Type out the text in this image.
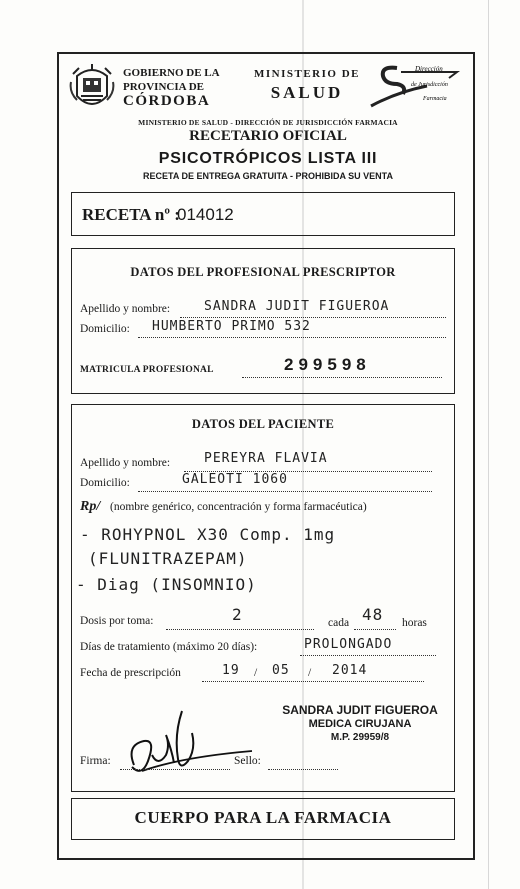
GOBIERNO DE LA
PROVINCIA DE
CÓRDOBA
MINISTERIO DE
SALUD
Dirección
de Jurisdicción
Farmacia
MINISTERIO DE SALUD - DIRECCIÓN DE JURISDICCIÓN FARMACIA
RECETARIO OFICIAL
PSICOTRÓPICOS LISTA III
RECETA DE ENTREGA GRATUITA - PROHIBIDA SU VENTA
RECETA nº :
014012
DATOS DEL PROFESIONAL PRESCRIPTOR
Apellido y nombre:	SANDRA JUDIT FIGUEROA
Domicilio: HUMBERTO PRIMO 532
MATRICULA PROFESIONAL	299598
DATOS DEL PACIENTE
Apellido y nombre:	PEREYRA FLAVIA
Domicilio:	GALEOTI 1060
Rp/ (nombre genérico, concentración y forma farmacéutica)
- ROHYPNOL X30 Comp. 1mg
(FLUNITRAZEPAM)
- Diag (INSOMNIO)
Dosis por toma:	2	cada 48 horas
Días de tratamiento (máximo 20 días):	PROLONGADO
Fecha de prescripción	19 / 05 / 2014
SANDRA JUDIT FIGUEROA
MEDICA CIRUJANA
M.P. 29959/8
Firma:	Sello:
CUERPO PARA LA FARMACIA
